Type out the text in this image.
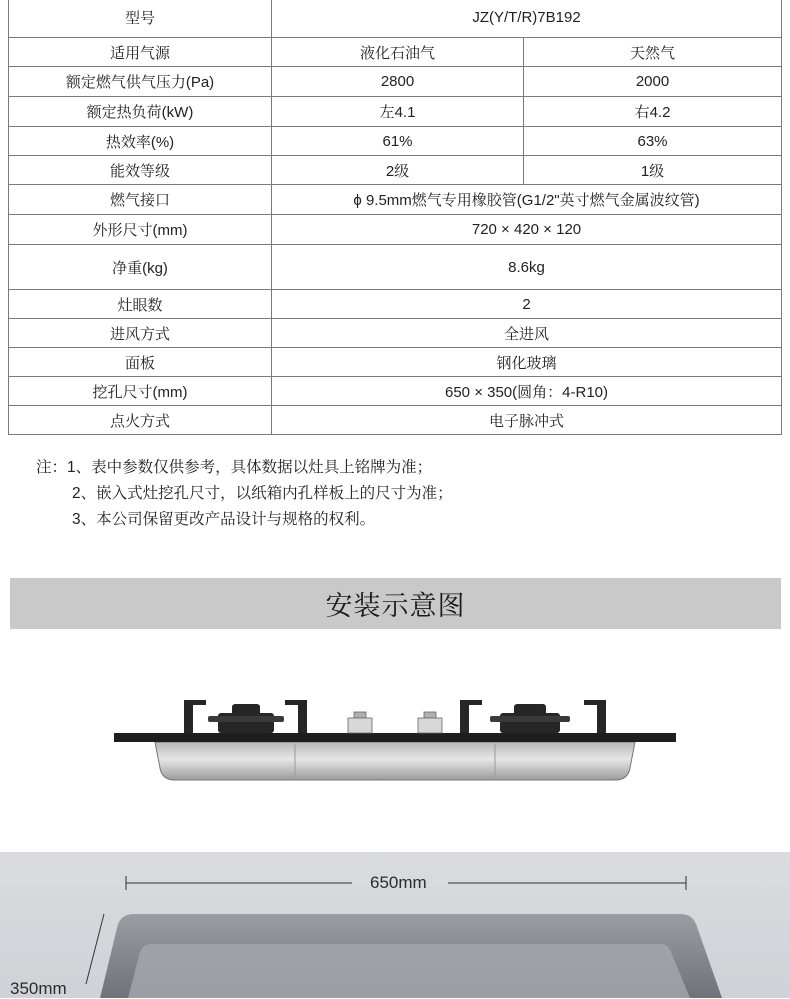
型号	JZ(Y/T/R)7B192	
适用气源	液化石油气	天然气
额定燃气供气压力(Pa)	2800	2000
额定热负荷(kW)	左4.1	右4.2
热效率(%)	61%	63%
能效等级	2级	1级
燃气接口	ϕ 9.5mm燃气专用橡胶管(G1/2"英寸燃气金属波纹管)	
外形尺寸(mm)	720 × 420 × 120	
净重(kg)	8.6kg	
灶眼数	2	
进风方式	全进风	
面板	钢化玻璃	
挖孔尺寸(mm)	650 × 350(圆角：4-R10)	
点火方式	电子脉冲式	
注：1、表中参数仅供参考，具体数据以灶具上铭牌为准；
2、嵌入式灶挖孔尺寸，以纸箱内孔样板上的尺寸为准；
3、本公司保留更改产品设计与规格的权利。
安装示意图
650mm
350mm
